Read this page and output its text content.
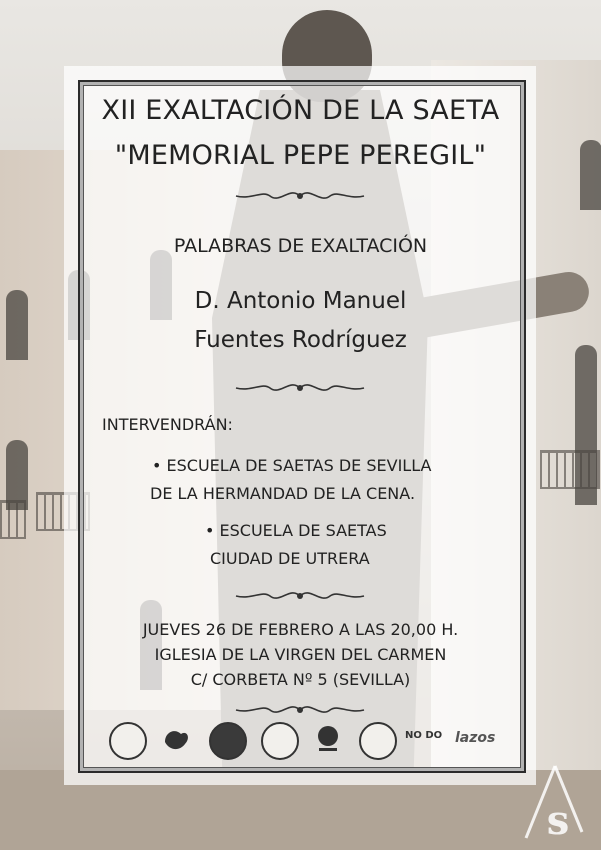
XII EXALTACIÓN DE LA SAETA
"MEMORIAL PEPE PEREGIL"
PALABRAS DE EXALTACIÓN
D. Antonio Manuel
Fuentes Rodríguez
INTERVENDRÁN:
• ESCUELA DE SAETAS DE SEVILLA
DE LA HERMANDAD DE LA CENA.
• ESCUELA DE SAETAS
CIUDAD DE UTRERA
JUEVES 26 DE FEBRERO A LAS 20,00 H.
IGLESIA DE LA VIRGEN DEL CARMEN
C/ CORBETA Nº 5 (SEVILLA)
NO DO lazos
s
